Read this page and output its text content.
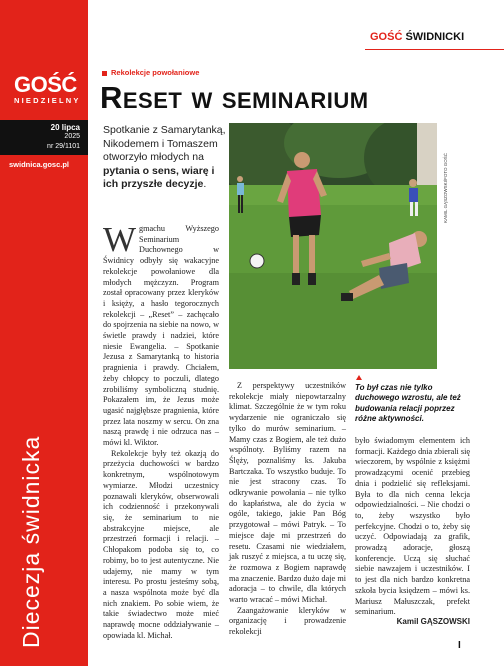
GOŚĆ
NIEDZIELNY
20 lipca
2025
nr 29/1101
swidnica.gosc.pl
Diecezja świdnicka
GOŚĆ ŚWIDNICKI
Rekolekcje powołaniowe
Reset w seminarium
Spotkanie z Samarytanką, Nikodemem i Tomaszem otworzyło młodych na pytania o sens, wiarę i ich przyszłe decyzje.

Wgmachu Wyższego Seminarium Duchownego w Świdnicy odbyły się wakacyjne rekolekcje powołaniowe dla młodych mężczyzn. Program został opracowany przez kleryków i księży, a hasło tegorocznych rekolekcji – „Reset” – zachęcało do spojrzenia na siebie na nowo, w świetle prawdy i nadziei, które niesie Ewangelia. – Spotkanie Jezusa z Samarytanką to historia pragnienia i prawdy. Chciałem, żeby chłopcy to poczuli, dlatego zrobiliśmy symboliczną studnię. Pokazałem im, że Jezus może ugasić najgłębsze pragnienia, które przez lata noszmy w sercu. On zna naszą prawdę i nie odrzuca nas – mówi kl. Wiktor.

Rekolekcje były też okazją do przeżycia duchowości w bardzo konkretnym, wspólnotowym wymiarze. Młodzi uczestnicy poznawali kleryków, obserwowali ich codzienność i przekonywali się, że seminarium to nie abstrakcyjne miejsce, ale przestrzeń formacji i relacji. – Chłopakom podoba się to, co robimy, bo to jest autentyczne. Nie udajemy, nie mamy w tym interesu. Po prostu jesteśmy sobą, a nasza wspólnota może być dla nich znakiem. Po sobie wiem, że takie świadectwo może mieć naprawdę mocne oddziaływanie – opowiada kl. Michał.

KAMIL GĄSZOWSKI/FOTO GOŚĆ
To był czas nie tylko duchowego wzrostu, ale też budowania relacji poprzez różne aktywności.

Z perspektywy uczestników rekolekcje miały niepowtarzalny klimat. Szczególnie że w tym roku wydarzenie nie ograniczało się tylko do murów seminarium. – Mamy czas z Bogiem, ale też dużo wspólnoty. Byliśmy razem na Ślęży, poznaliśmy ks. Jakuba Bartczaka. To wszystko buduje. To nie jest stracony czas. To odkrywanie powołania – nie tylko do kapłaństwa, ale do życia w ogóle, takiego, jakie Pan Bóg przygotował – mówi Patryk. – To miejsce daje mi przestrzeń do resetu. Czasami nie wiedziałem, jak ruszyć z miejsca, a tu uczę się, że rozmowa z Bogiem naprawdę ma znaczenie. Bardzo dużo daje mi adoracja – to chwile, dla których warto wracać – mówi Michał.

Zaangażowanie kleryków w organizację i prowadzenie rekolekcji

było świadomym elementem ich formacji. Każdego dnia zbierali się wieczorem, by wspólnie z księżmi prowadzącymi ocenić przebieg dnia i podzielić się refleksjami. Była to dla nich cenna lekcja odpowiedzialności. – Nie chodzi o to, żeby wszystko było perfekcyjne. Chodzi o to, żeby się uczyć. Odpowiadają za grafik, prowadzą adoracje, głoszą konferencje. Uczą się słuchać siebie nawzajem i uczestników. I to jest dla nich bardzo konkretna szkoła bycia księdzem – mówi ks. Mariusz Małuszczak, prefekt seminarium.

Kamil GĄSZOWSKI
I
